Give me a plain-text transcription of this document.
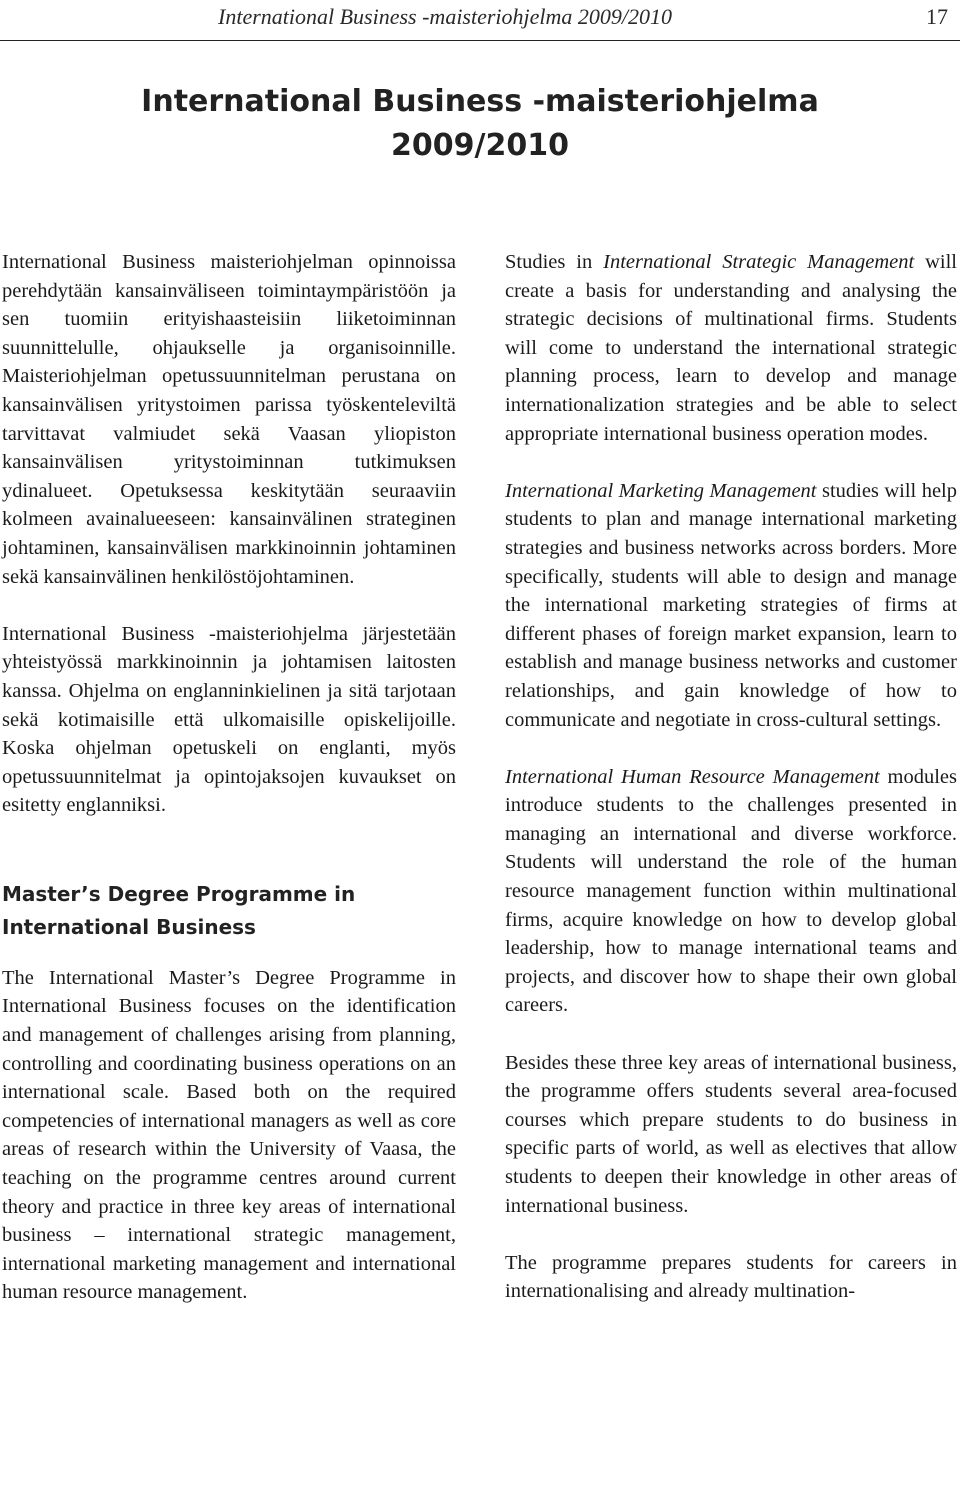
International Business -maisteriohjelma 2009/2010	17
International Business -maisteriohjelma
2009/2010

International Business maisteriohjelman opinnoissa perehdytään kansainväliseen toimintaympäristöön ja sen tuomiin erityishaasteisiin liiketoiminnan suunnittelulle, ohjaukselle ja organisoinnille. Maisteriohjelman opetussuunnitelman perustana on kansainvälisen yritystoimen parissa työskenteleviltä tarvittavat valmiudet sekä Vaasan yliopiston kansainvälisen yritystoiminnan tutkimuksen ydinalueet. Opetuksessa keskitytään seuraaviin kolmeen avainalueeseen: kansainvälinen strateginen johtaminen, kansainvälisen markkinoinnin johtaminen sekä kansainvälinen henkilöstöjohtaminen.

International Business -maisteriohjelma järjestetään yhteistyössä markkinoinnin ja johtamisen laitosten kanssa. Ohjelma on englanninkielinen ja sitä tarjotaan sekä kotimaisille että ulkomaisille opiskelijoille. Koska ohjelman opetuskeli on englanti, myös opetussuunnitelmat ja opintojaksojen kuvaukset on esitetty englanniksi.

Master’s Degree Programme in
International Business

The International Master’s Degree Programme in International Business focuses on the identification and management of challenges arising from planning, controlling and coordinating business operations on an international scale. Based both on the required competencies of international managers as well as core areas of research within the University of Vaasa, the teaching on the programme centres around current theory and practice in three key areas of international business – international strategic management, international marketing management and international human resource management.

Studies in International Strategic Management will create a basis for understanding and analysing the strategic decisions of multinational firms. Students will come to understand the international strategic planning process, learn to develop and manage internationalization strategies and be able to select appropriate international business operation modes.

International Marketing Management studies will help students to plan and manage international marketing strategies and business networks across borders. More specifically, students will able to design and manage the international marketing strategies of firms at different phases of foreign market expansion, learn to establish and manage business networks and customer relationships, and gain knowledge of how to communicate and negotiate in cross-cultural settings.

International Human Resource Management modules introduce students to the challenges presented in managing an international and diverse workforce. Students will understand the role of the human resource management function within multinational firms, acquire knowledge on how to develop global leadership, how to manage international teams and projects, and discover how to shape their own global careers.

Besides these three key areas of international business, the programme offers students several area-focused courses which prepare students to do business in specific parts of world, as well as electives that allow students to deepen their knowledge in other areas of international business.

The programme prepares students for careers in internationalising and already multination-
